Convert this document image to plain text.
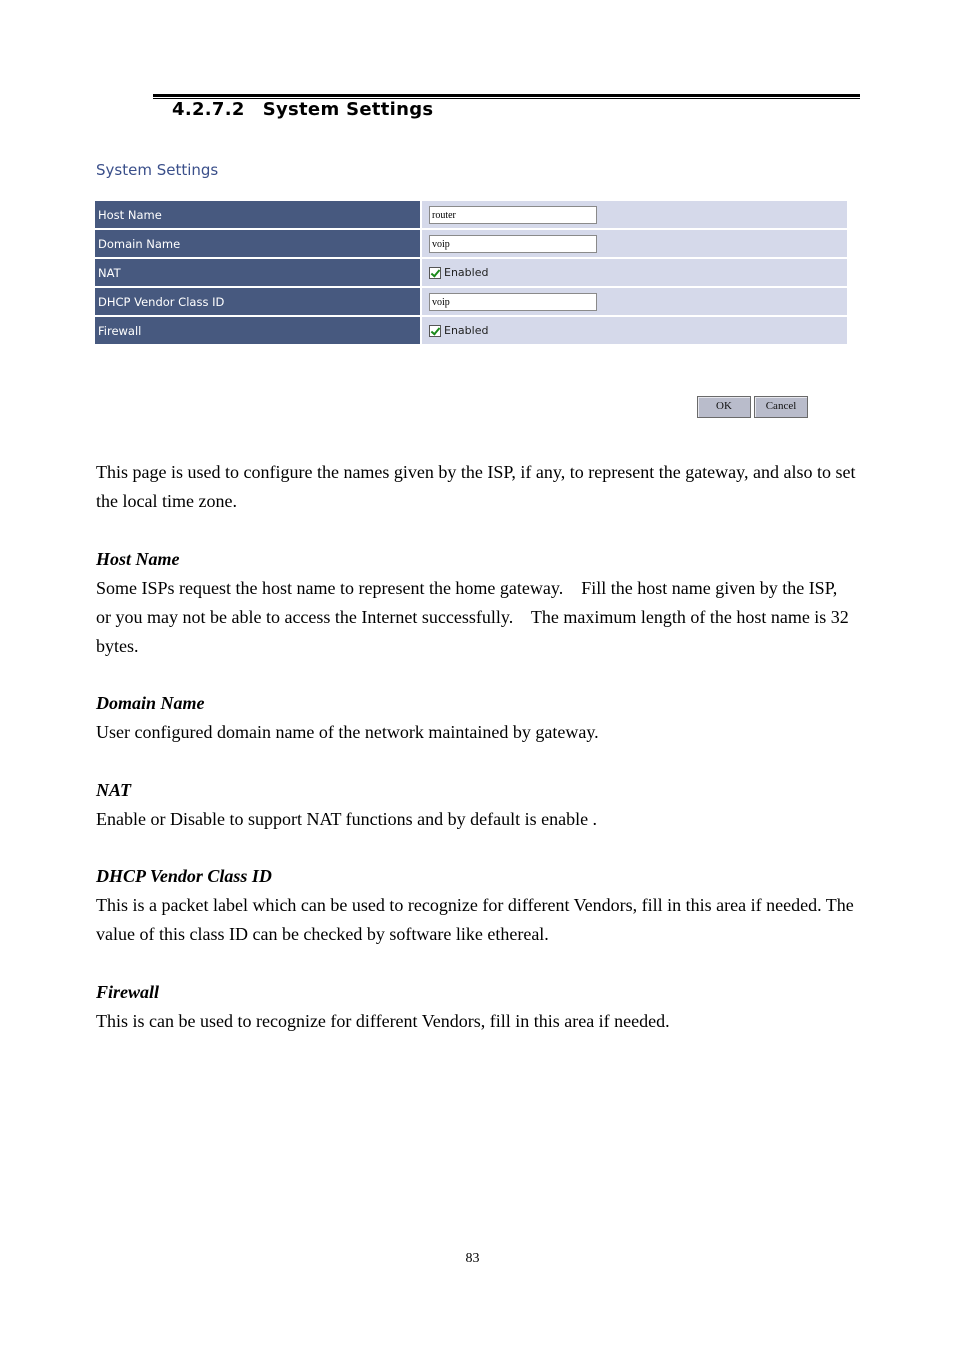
4.2.7.2 System Settings
System Settings
Host Name	router
Domain Name	voip
NAT	Enabled

DHCP Vendor Class ID	voip
Firewall	Enabled
OK	Cancel

This page is used to configure the names given by the ISP, if any, to represent the gateway, and also to set the local time zone.

Host Name
Some ISPs request the host name to represent the home gateway.    Fill the host name given by the ISP, or you may not be able to access the Internet successfully.    The maximum length of the host name is 32 bytes.

Domain Name
User configured domain name of the network maintained by gateway.

NAT
Enable or Disable to support NAT functions and by default is enable .

DHCP Vendor Class ID
This is a packet label which can be used to recognize for different Vendors, fill in this area if needed. The value of this class ID can be checked by software like ethereal.

Firewall
This is can be used to recognize for different Vendors, fill in this area if needed.

83
